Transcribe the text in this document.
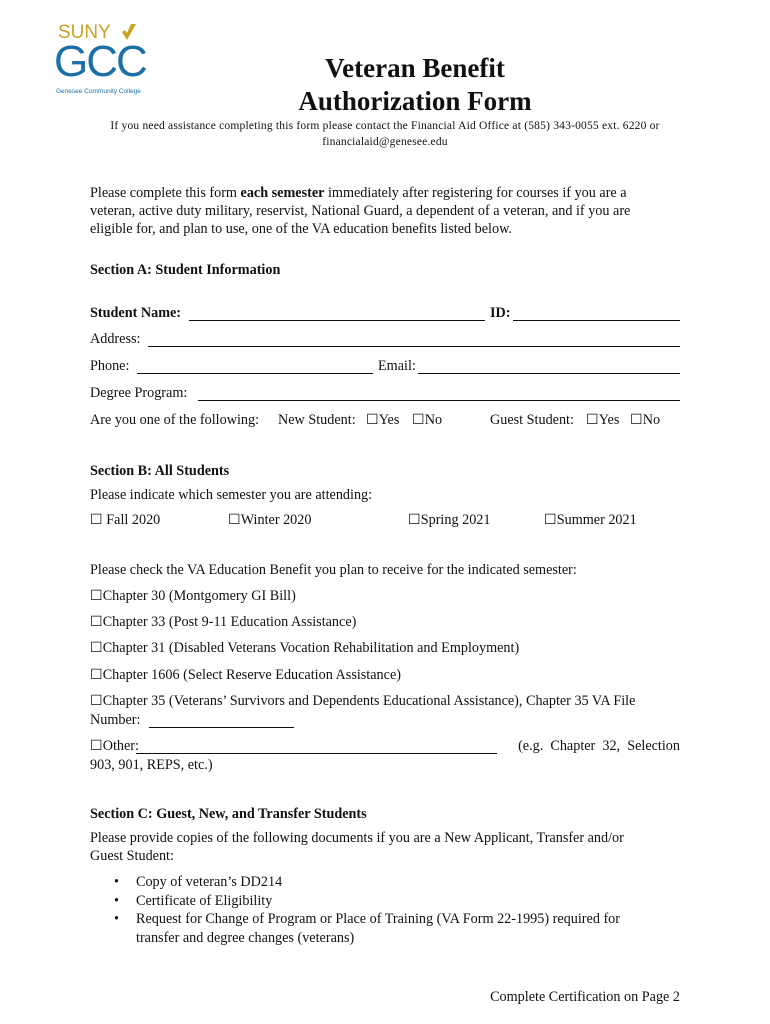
SUNY
GCC
Genesee Community College
Veteran Benefit
Authorization Form
If you need assistance completing this form please contact the Financial Aid Office at (585) 343-0055 ext. 6220 or
financialaid@genesee.edu
Please complete this form each semester immediately after registering for courses if you are a
veteran, active duty military, reservist, National Guard, a dependent of a veteran, and if you are
eligible for, and plan to use, one of the VA education benefits listed below.
Section A: Student Information
Student Name:	ID:
Address:
Phone:	Email:
Degree Program:
Are you one of the following: New Student: ☐Yes ☐No	Guest Student: ☐Yes ☐No
Section B: All Students
Please indicate which semester you are attending:
☐ Fall 2020	☐Winter 2020	☐Spring 2021	☐Summer 2021
Please check the VA Education Benefit you plan to receive for the indicated semester:
☐Chapter 30 (Montgomery GI Bill)
☐Chapter 33 (Post 9-11 Education Assistance)
☐Chapter 31 (Disabled Veterans Vocation Rehabilitation and Employment)
☐Chapter 1606 (Select Reserve Education Assistance)
☐Chapter 35 (Veterans’ Survivors and Dependents Educational Assistance), Chapter 35 VA File
Number:
☐Other:	(e.g.  Chapter  32,  Selection
903, 901, REPS, etc.)
Section C: Guest, New, and Transfer Students
Please provide copies of the following documents if you are a New Applicant, Transfer and/or
Guest Student:
• Copy of veteran’s DD214
• Certificate of Eligibility
• Request for Change of Program or Place of Training (VA Form 22-1995) required for
transfer and degree changes (veterans)
Complete Certification on Page 2
